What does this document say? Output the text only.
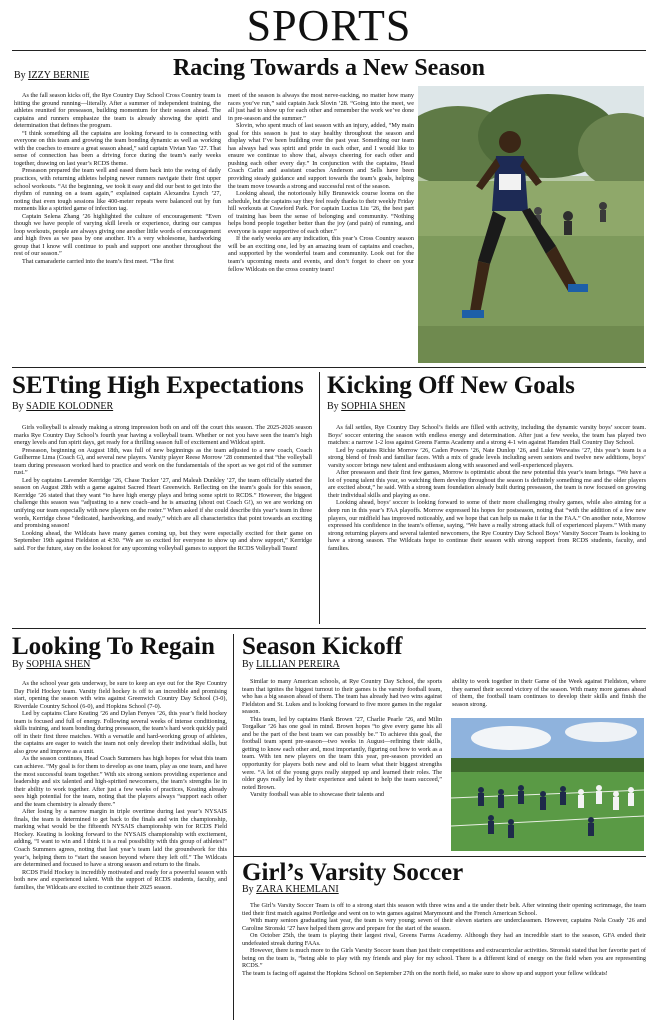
SPORTS
Racing Towards a New Season
By IZZY BERNIE

As the fall season kicks off, the Rye Country Day School Cross Country team is hitting the ground running—literally. After a summer of independent training, the athletes reunited for preseason, building momentum for their season ahead. The captains and runners emphasize the team is already showing the spirit and determination that defines the program.

“I think something all the captains are looking forward to is connecting with everyone on this team and growing the team bonding dynamic as well as working with the coaches to ensure a great season ahead,” said captain Vivian Yao ’27. That sense of connection has been a driving force during the team’s early weeks together, drawing on last year’s RCDS theme.

Preseason prepared the team well and eased them back into the swing of daily practices, with returning athletes helping newer runners navigate their first upper school workouts. “At the beginning, we took it easy and did our best to get into the rhythm of running on a team again,” explained captain Alexandra Lynch ’27, noting that even tough sessions like 400-meter repeats were balanced out by fun moments like a spirited game of infection tag.

Captain Selena Zhang ’26 highlighted the culture of encouragement: “Even though we have people of varying skill levels or experience, during our campus loop workouts, people are always giving one another little words of encouragement and high fives as we pass by one another. It’s a very wholesome, hardworking group that I know will continue to push and support one another throughout the rest of our season.”

That camaraderie carried into the team’s first meet. “The first

meet of the season is always the most nerve-racking, no matter how many races you’ve run,” said captain Jack Slovin ’28. “Going into the meet, we all just had to show up for each other and remember the work we’ve done in pre-season and the summer.”

Slovin, who spent much of last season with an injury, added, “My main goal for this season is just to stay healthy throughout the season and display what I’ve been building over the past year. Something our team has always had was spirit and pride in each other, and I would like to ensure we continue to show that, always cheering for each other and pushing each other every day.” In conjunction with the captains, Head Coach Carlin and assistant coaches Anderson and Sells have been providing steady guidance and support towards the team’s goals, helping the team move towards a strong and successful rest of the season.

Looking ahead, the notoriously hilly Brunswick course looms on the schedule, but the captains say they feel ready thanks to their weekly Friday hill workouts at Crawford Park. For captain Lucius Liu ’26, the best part of training has been the sense of belonging and community. “Nothing helps bond people together better than the joy (and pain) of running, and everyone is super supportive of each other.”

If the early weeks are any indication, this year’s Cross Country season will be an exciting one, led by an amazing team of captains and coaches, and supported by the wonderful team and community. Look out for the team’s upcoming meets and events, and don’t forget to cheer on your fellow Wildcats on the cross country team!

SETting High Expectations
By SADIE KOLODNER

Girls volleyball is already making a strong impression both on and off the court this season. The 2025-2026 season marks Rye Country Day School’s fourth year having a volleyball team. Whether or not you have seen the team’s high energy levels and fun spirit days, get ready for a thrilling season full of excitement and Wildcat spirit.

Preseason, beginning on August 18th, was full of new beginnings as the team adjusted to a new coach, Coach Guilherme Lima (Coach G), and several new players. Varsity player Reese Morrow ’28 commented that “the volleyball team during preseason worked hard to practice and work on the fundamentals of the sport as we got rid of the summer rust.”

Led by captains Lavender Kerridge ’26, Chase Tucker ’27, and Maleah Dunkley ’27, the team officially started the season on August 28th with a game against Sacred Heart Greenwich. Reflecting on the team’s goals for this season, Kerridge ’26 stated that they want “to have high energy plays and bring some spirit to RCDS.” However, the biggest challenge this season was “adjusting to a new coach–and he is amazing (shout out Coach G!), so we are working on unifying our team especially with new players on the roster.” When asked if she could describe this year’s team in three words, Kerridge chose “dedicated, hardworking, and ready,” which are all characteristics that point towards an exciting and promising season!

Looking ahead, the Wildcats have many games coming up, but they were especially excited for their game on September 19th against Fieldston at 4:30. “We are so excited for everyone to show up and show support,” Kerridge said. For the future, stay on the lookout for any upcoming volleyball games to support the RCDS Volleyball Team!

Kicking Off New Goals
By SOPHIA SHEN

As fall settles, Rye Country Day School’s fields are filled with activity, including the dynamic varsity boys’ soccer team. Boys’ soccer entering the season with endless energy and determination. After just a few weeks, the team has played two matches: a narrow 1-2 loss against Greens Farms Academy and a strong 4-1 win against Hamden Hall Country Day School.

Led by captains Richie Morrow ’26, Caden Powers ’26, Nate Dunlop ’26, and Luke Werwaiss ’27, this year’s team is a strong blend of fresh and familiar faces. With a mix of grade levels including seven seniors and twelve new additions, boys’ varsity soccer brings new talent and enthusiasm along with seasoned and well-experienced players.

After preseason and their first few games, Morrow is optimistic about the new potential this year’s team brings. “We have a lot of young talent this year, so watching them develop throughout the season is definitely something me and the older players are excited about,” he said. With a strong team foundation already built during preseason, the team is now focused on growing their individual skills and playing as one.

Looking ahead, boys’ soccer is looking forward to some of their more challenging rivalry games, while also aiming for a deep run in this year’s FAA playoffs. Morrow expressed his hopes for postseason, noting that “with the addition of a few new players, our midfield has improved noticeably, and we hope that can help us make it far in the FAA.” On another note, Morrow expressed his confidence in the team’s offense, saying, “We have a really strong attack full of experienced players.” With many strong returning players and several talented newcomers, the Rye Country Day School Boys’ Varsity Soccer Team is looking to have a strong season. The Wildcats hope to continue their season with strong support from RCDS students, faculty, and families.

Looking To Regain
By SOPHIA SHEN

As the school year gets underway, be sure to keep an eye out for the Rye Country Day Field Hockey team. Varsity field hockey is off to an incredible and promising start, opening the season with wins against Greenwich Country Day School (3-0), Riverdale Country School (6-0), and Hopkins School (7-0).

Led by captains Clare Keating ’26 and Dylan Fenyes ’26, this year’s field hockey team is focused and full of energy. Following several weeks of intense conditioning, skills training, and team bonding during preseason, the team’s hard work quickly paid off in their first three matches. With a versatile and hard-working group of athletes, the captains are eager to watch the team not only develop their individual skills, but also grow and improve as a unit.

As the season continues, Head Coach Summers has high hopes for what this team can achieve. “My goal is for them to develop as one team, play as one team, and have the most successful team together.” With six strong seniors providing experience and leadership and six talented and high-spirited newcomers, the team’s strengths lie in their ability to work together. After just a few weeks of practices, Keating already sees high potential for the team, noting that the players always “support each other and the team chemistry is already there.”

After losing by a narrow margin in triple overtime during last year’s NYSAIS finals, the team is determined to get back to the finals and win the championship, marking what would be the fifteenth NYSAIS championship win for RCDS Field Hockey. Keating is looking forward to the NYSAIS championship with excitement, adding, “I want to win and I think it is a real possibility with this group of athletes!” Coach Summers agrees, noting that last year’s team laid the groundwork for this year’s, helping them to “start the season beyond where they left off.” The Wildcats are determined and focused to have a strong season and return to the finals.

RCDS Field Hockey is incredibly motivated and ready for a powerful season with both new and experienced talent. With the support of RCDS students, faculty, and families, the Wildcats are excited to continue their 2025 season.

Season Kickoff
By LILLIAN PEREIRA

Similar to many American schools, at Rye Country Day School, the sports team that ignites the biggest turnout to their games is the varsity football team, who has a big season ahead of them. The team has already had two wins against Fieldston and St. Lukes and is looking forward to five more games in the regular season.

This team, led by captains Hank Brown ’27, Charlie Pearle ’26, and Milin Torgalkar ’26 has one goal in mind. Brown hopes “to give every game his all and be the part of the best team we can possibly be.” To achieve this goal, the football team spent pre-season—two weeks in August—refining their skills, getting to know each other and, most importantly, figuring out how to work as a team. With ten new players on the team this year, pre-season provided an opportunity for players both new and old to learn what their biggest strengths were. “A lot of the young guys really stepped up and learned their roles. The older guys really led by their experience and talent to help the team succeed,” noted Brown.

Varsity football was able to showcase their talents and

ability to work together in their Game of the Week against Fieldston, where they earned their second victory of the season. With many more games ahead of them, the football team continues to develop their skills and finish the season strong.

Girl’s Varsity Soccer
By ZARA KHEMLANI

The Girl’s Varsity Soccer Team is off to a strong start this season with three wins and a tie under their belt. After winning their opening scrimmage, the team tied their first match against Portledge and went on to win games against Marymount and the French American School.

With many seniors graduating last year, the team is very young; seven of their eleven starters are underclassmen. However, captains Nola Coady ’26 and Caroline Stronski ’27 have helped them grow and prepare for the start of the season.

On October 25th, the team is playing their largest rival, Greens Farms Academy. Although they had an incredible start to the season, GFA ended their undefeated streak during FAAs.

However, there is much more to the Girls Varsity Soccer team than just their competitions and extracurricular activities. Stronski stated that her favorite part of being on the team is, “being able to play with my friends and play for my school. There is a different kind of energy on the field when you are representing RCDS.”

The team is facing off against the Hopkins School on September 27th on the north field, so make sure to show up and support your fellow wildcats!
